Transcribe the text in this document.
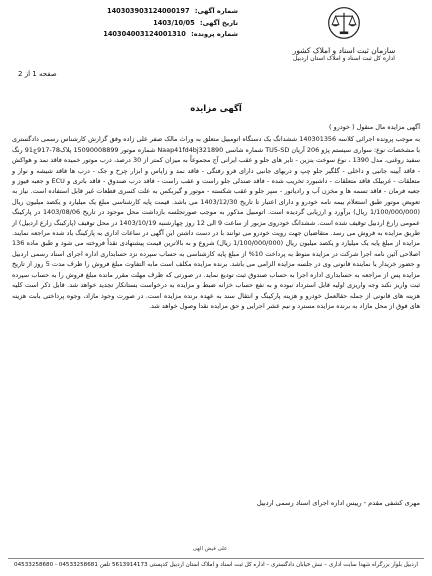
سازمان ثبت اسناد و املاک کشور
اداره کل ثبت اسناد و املاک استان اردبیل
شماره آگهی: 140303903124000197
تاریخ آگهی: 1403/10/05
شماره پرونده: 140304003124001310
صفحه 1 از 2
آگهی مزایده

آگهی مزایده مال منقول ( خودرو )

به موجب پرونده اجرائی کلاسه 140301356 ششدانگ یک دستگاه اتومبیل متعلق به وراث مالک صفر علی زاده وفق گزارش کارشناس رسمی دادگستری با مشخصات نوع: سواری سیستم پژو 206 آریان TU5-SD شماره شاسی Naap41fd4bj321890 شماره موتور 15090008899 پلاک78-917ج91 رنگ سفید روغنی، مدل 1390 ، نوع سوخت بنزین - تایر های جلو و عقب ایرانی آج مجموعاً به میزان کمتر از 30 درصد، درب موتور خمیده فاقد نمد و هواکش - فاقد آیینه جانبی و داخلی - گلگیر جلو چپ و دربهای جانبی دارای فرو رفتگی - فاقد نمد و زاپاس و ابزار چرخ و جک - درب ها فاقد شیشه و نوار و متعلقات - غربیلک فاقد متعلقات - داشبورد تخریب شده - فاقد صندلی جلو راست و عقب راست - فاقد درب صندوق - فاقد باتری و ECU و جعبه فیوز و جعبه فرمان - فاقد تسمه ها و مخزن آب و رادیاتور - سپر جلو و عقب شکسته - موتور و گیربکس به علت کسری قطعات غیر قابل استفاده است. نیاز به تعویض موتور طبق استعلام بیمه نامه خودرو و دارای اعتبار تا تاریخ 1403/12/30 می باشد. قیمت پایه کارشناسی مبلغ یک میلیارد و یکصد میلیون ریال (1/100/000/000 ریال) برآورد و ارزیابی گردیده است. اتومبیل مذکور به موجب صورتجلسه بازداشت محل موجود در تاریخ 1403/08/06 در پارکینگ عمومی زارع اردبیل توقیف شده است. ششدانگ خودروی مزبور از ساعت 9 الی 12 روز چهارشنبه 1403/10/19 در محل توقیف (پارکینگ زارع اردبیل) از طریق مزایده به فروش می رسد. متقاضیان جهت رویت خودرو می توانند با در دست داشتن این آگهی در ساعات اداری به پارکینگ یاد شده مراجعه نمایند. مزایده از مبلغ پایه یک میلیارد و یکصد میلیون ریال (1/100/000/000 ریال) شروع و به بالاترین قیمت پیشنهادی نقداً فروخته می شود و طبق ماده 136 اصلاحی آئین نامه اجرا شرکت در مزایده منوط به پرداخت 10% از مبلغ پایه کارشناسی به حساب سپرده نزد حسابداری اداره اجرای اسناد رسمی اردبیل و حضور خریدار یا نماینده قانونی وی در جلسه مزایده الزامی می باشد. برنده مزایده مکلف است مابه التفاوت مبلغ فروش را ظرف مدت 5 روز از تاریخ مزایده پس از مراجعه به حسابداری اداره اجرا به حساب صندوق ثبت تودیع نماید. در صورتی که ظرف مهلت مقرر مانده مبلغ فروش را به حساب سپرده ثبت واریز نکند وجه واریزی اولیه قابل استرداد نبوده و به نفع حساب خزانه ضبط و مزایده به درخواست بستانکار تجدید خواهد شد. قابل ذکر است کلیه هزینه های قانونی از جمله حقالعمل خودرو و هزینه پارکینگ و انتقال سند به عهده برنده مزایده است. در صورت وجود مازاد، وجوه پرداختی بابت هزینه های فوق از محل مازاد به برنده مزایده مسترد و نیم عشر اجرایی و حق مزایده نقدا وصول خواهد شد.

مهری کشفی مقدم - رییس اداره اجرای اسناد رسمی اردبیل
علی فیض الهی
اردبیل بلوار بزرگراه شهدا سایت اداری – نبش خیابان دادگستری – اداره کل ثبت اسناد و املاک استان اردبیل کدپستی 5613914173 تلفن 04533258681 - 04533258680
